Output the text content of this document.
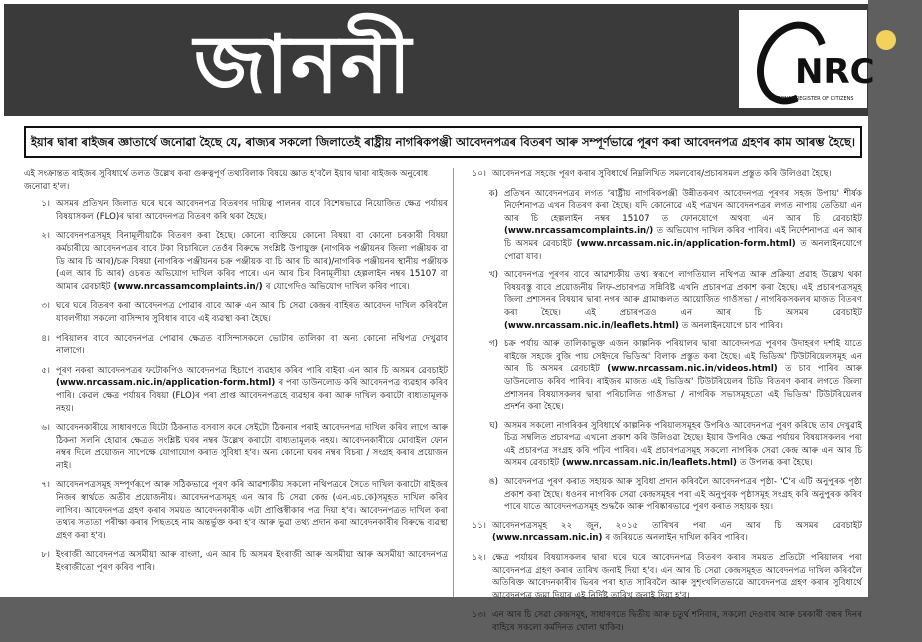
জাননী	NRC
NATIONAL REGISTER OF CITIZENS
ইয়াৰ দ্বাৰা ৰাইজৰ জ্ঞাতাৰ্থে জনোৱা হৈছে যে, ৰাজ্যৰ সকলো জিলাতেই ৰাষ্ট্ৰীয় নাগৰিকপঞ্জী আবেদনপত্ৰৰ বিতৰণ আৰু সম্পূৰ্ণভাৱে পূৰণ কৰা আবেদনপত্ৰ গ্ৰহণৰ কাম আৰম্ভ হৈছে।
এই সংক্ৰান্তত ৰাইজৰ সুবিধাৰ্থে তলত উল্লেখ কৰা গুৰুত্বপূৰ্ণ তথ্যবিলাক বিষয়ে জ্ঞাত হ'বলৈ ইয়াৰ দ্বাৰা ৰাইজক অনুৰোধ জনোৱা হ'ল।
১। অসমৰ প্ৰতিখন জিলাত ঘৰে ঘৰে আবেদনপত্ৰ বিতৰণৰ দায়িত্ব পালনৰ বাবে বিশেষভাৱে নিয়োজিত ক্ষেত্ৰ পৰ্যায়ৰ বিষয়াসকল (FLO)ৰ দ্বাৰা আবেদনপত্ৰ বিতৰণ কৰি থকা হৈছে।
২। আবেদনপত্ৰসমূহ বিনামূলীয়াকৈ বিতৰণ কৰা হৈছে। কোনো ব্যক্তিয়ে কোনো বিষয়া বা কোনো চৰকাৰী বিষয়া কৰ্মচাৰীয়ে আবেদনপত্ৰৰ বাবে টকা বিচাৰিলে তেওঁৰ বিৰুদ্ধে সংশ্লিষ্ট উপায়ুক্ত (নাগৰিক পঞ্জীয়নৰ জিলা পঞ্জীয়ক বা ডি আৰ চি আৰ)/চক্ৰ বিষয়া (নাগৰিক পঞ্জীয়নৰ চক্ৰ পঞ্জীয়ক বা চি আৰ চি আৰ)/নাগৰিক পঞ্জীয়নৰ স্থানীয় পঞ্জীয়ক (এল আৰ চি আৰ) ওচৰত অভিযোগ দাখিল কৰিব পাৰে। এন আৰ চিৰ বিনামূলীয়া হেল্পলাইন নম্বৰ 15107 বা আমাৰ ৱেবচাইট (www.nrcassamcomplaints.in/) ৰ যোগেদিও অভিযোগ দাখিল কৰিব পাৰে।
৩। ঘৰে ঘৰে বিতৰণ কৰা আবেদনপত্ৰ পোৱাৰ বাবে আৰু এন আৰ চি সেৱা কেন্দ্ৰৰ বাহিৰত আবেদন দাখিল কৰিবলৈ যাবলগীয়া সকলো বাসিন্দাৰ সুবিধাৰ বাবে এই ব্যৱস্থা কৰা হৈছে।
৪। পৰিয়ালৰ বাবে আবেদনপত্ৰ পোৱাৰ ক্ষেত্ৰত বাসিন্দাসকলে ভোটাৰ তালিকা বা অন্য কোনো নথিপত্ৰ দেখুৱাব নালাগে।
৫। পূৰণ নকৰা আবেদনপত্ৰৰ ফটোকপিও আবেদনপত্ৰ হিচাপে ব্যৱহাৰ কৰিব পাৰি বাইবা এন আৰ চি অসমৰ ৱেবচাইট (www.nrcassam.nic.in/application-form.html) ৰ পৰা ডাউনলোড কৰি আবেদনপত্ৰ ব্যৱহাৰ কৰিব পাৰি। কেৱল ক্ষেত্ৰ পৰ্যায়ৰ বিষয়া (FLO)ৰ পৰা প্ৰাপ্ত আবেদনপত্ৰহে ব্যৱহাৰ কৰা আৰু দাখিল কৰাটো বাধ্যতামূলক নহয়।
৬। আবেদনকাৰীয়ে সাধাৰণতে যিটো ঠিকনাত বসবাস কৰে সেইটো ঠিকনাৰ পৰাই আবেদনপত্ৰ দাখিল কৰিব লাগে আৰু ঠিকনা সলনি হোৱাৰ ক্ষেত্ৰত সংশ্লিষ্ট ঘৰৰ নম্বৰ উল্লেখ কৰাটো বাধ্যতামূলক নহয়। আবেদনকাৰীয়ে মোবাইল ফোন নম্বৰ দিলে প্ৰয়োজন সাপেক্ষে যোগাযোগ কৰাত সুবিধা হ'ব। অন্য কোনো ঘৰৰ নম্বৰ বিচৰা / সংগ্ৰহ কৰাৰ প্ৰয়োজন নাই।
৭। আবেদনপত্ৰসমূহ সম্পূৰ্ণৰূপে আৰু সঠিকভাৱে পূৰণ কৰি আৱশ্যকীয় সকলো নথিপত্ৰৰে সৈতে দাখিল কৰাটো ৰাইজৰ নিজৰ স্বাৰ্থতে অতীব প্ৰয়োজনীয়। আবেদনপত্ৰসমূহ এন আৰ চি সেৱা কেন্দ্ৰ (এন.এচ.কে)সমূহত দাখিল কৰিব লাগিব। আবেদনপত্ৰ গ্ৰহণ কৰাৰ সময়ত আবেদনকাৰীক এটা প্ৰাপ্তিস্বীকাৰ পত্ৰ দিয়া হ'ব। আবেদনপত্ৰত দাখিল কৰা তথ্যৰ সত্যতা পৰীক্ষা কৰাৰ পিছতহে নাম অন্তৰ্ভুক্ত কৰা হ'ব আৰু ভুৱা তথ্য প্ৰদান কৰা আবেদনকাৰীৰ বিৰুদ্ধে ব্যৱস্থা গ্ৰহণ কৰা হ'ব।
৮। ইংৰাজী আবেদনপত্ৰ অসমীয়া আৰু বাংলা, এন আৰ চি অসমৰ ইংৰাজী আৰু অসমীয়া আৰু অসমীয়া আবেদনপত্ৰ ইংৰাজীতো পূৰণ কৰিব পাৰি।
১০। আবেদনপত্ৰ সহজে পূৰণ কৰাৰ সুবিধাৰ্থে নিম্নলিখিত সমলবোৰ/প্ৰচাৰসমল প্ৰস্তুত কৰি উলিওৱা হৈছে।
ক) প্ৰতিখন আবেদনপত্ৰৰ লগত 'ৰাষ্ট্ৰীয় নাগৰিকপঞ্জী উন্নীতকৰণ আবেদনপত্ৰ পূৰণৰ সহজ উপায়' শীৰ্ষক নিৰ্দেশনাপত্ৰ এখন বিতৰণ কৰা হৈছে। যদি কোনোৱে এই পত্ৰখন আবেদনপত্ৰৰ লগত নাপায় তেতিয়া এন আৰ চি হেল্পলাইন নম্বৰ 15107 ত ফোনযোগে অথবা এন আৰ চি ৱেবচাইট (www.nrcassamcomplaints.in/) ত অভিযোগ দাখিল কৰিব পাৰিব। এই নিৰ্দেশনাপত্ৰ এন আৰ চি অসমৰ ৱেবচাইট (www.nrcassam.nic.in/application-form.html) ত অনলাইনযোগে পোৱা যাব।
খ) আবেদনপত্ৰ পূৰণৰ বাবে আৱশ্যকীয় তথ্য স্বৰূপে লাগতিয়াল নথিপত্ৰ আৰু প্ৰক্ৰিয়া প্ৰৱাহ উল্লেখ থকা বিষয়বস্তু বাবে প্ৰয়োজনীয় লিফ-প্ৰচাৰপত্ৰ সন্নিবিষ্ট এখনি প্ৰচাৰপত্ৰ প্ৰকাশ কৰা হৈছে। এই প্ৰচাৰপত্ৰসমূহ জিলা প্ৰশাসনৰ বিষয়াৰ দ্বাৰা নগৰ আৰু গ্ৰামাঞ্চলত আয়োজিত গাওঁসভা / নাগৰিকসকলৰ মাজত বিতৰণ কৰা হৈছে। এই প্ৰচাৰপত্ৰও এন আৰ চি অসমৰ ৱেবচাইট (www.nrcassam.nic.in/leaflets.html) ত অনলাইনযোগে চাব পাৰিব।
গ) চক্ৰ পৰ্যায় আৰু তালিকাভুক্ত এজন কাল্পনিক পৰিয়ালৰ দ্বাৰা আবেদনপত্ৰ পূৰণৰ উদাহৰণ দৰ্শাই যাতে ৰাইজে সহজে বুজি পায় সেইদৰে ভিডিঅ' বিলাক প্ৰস্তুত কৰা হৈছে। এই ভিডিঅ' টিউটৰিয়েলসমূহ এন আৰ চি অসমৰ ৱেবচাইট (www.nrcassam.nic.in/videos.html) ত চাব পাৰিব আৰু ডাউনলোড কৰিব পাৰিব। ৰাইজৰ মাজত এই ভিডিঅ' টিউটৰিয়েলৰ চিডি বিতৰণ কৰাৰ লগতে জিলা প্ৰশাসনৰ বিষয়াসকলৰ দ্বাৰা পৰিচালিত গাওঁসভা / নাগৰিক সভাসমূহতো এই ভিডিঅ' টিউটৰিয়েলৰ প্ৰদৰ্শন কৰা হৈছে।
ঘ) অসমৰ সকলো নাগৰিকৰ সুবিধাৰ্থে কাল্পনিক পৰিয়ালসমূহৰ উপৰিও আবেদনপত্ৰ পূৰণ কৰিছে তাৰ দেখুৱাই চিত্ৰ সম্বলিত প্ৰচাৰপত্ৰ এখনো প্ৰকাশ কৰি উলিওৱা হৈছে। ইয়াৰ উপৰিও ক্ষেত্ৰ পৰ্যায়ৰ বিষয়াসকলৰ পৰা এই প্ৰচাৰপত্ৰ সংগ্ৰহ কৰি পঢ়িব পাৰিব। এই প্ৰচাৰপত্ৰসমূহ সকলো নাগৰিক সেৱা কেন্দ্ৰ আৰু এন আৰ চি অসমৰ ৱেবচাইট (www.nrcassam.nic.in/leaflets.html) ত উপলব্ধ কৰা হৈছে।
ঙ) আবেদনপত্ৰ পূৰণ কৰাত সহায়ক আৰু সুবিধা প্ৰদান কৰিবলৈ আবেদনপত্ৰৰ পৃষ্ঠা- 'C'ৰ এটি অনুপুৰক পৃষ্ঠা প্ৰকাশ কৰা হৈছে। ধওনৰ নাগৰিক সেৱা কেন্দ্ৰসমূহৰ পৰা এই অনুপুৰক পৃষ্ঠাসমূহ সংগ্ৰহ কৰি অনুপুৰক কৰিব পাৰে যাতে আবেদনপত্ৰসমূহ শুদ্ধকৈ আৰু পৰিষ্কাৰভাৱে পূৰণ কৰাত সহায়ক হয়।
১১। আবেদনপত্ৰসমূহ ২২ জুন, ২০১৫ তাৰিখৰ পৰা এন আৰ চি অসমৰ ৱেবচাইট (www.nrcassam.nic.in) ৰ জৰিয়তে অনলাইন দাখিল কৰিব পাৰিব।
১২। ক্ষেত্ৰ পৰ্যায়ৰ বিষয়াসকলৰ দ্বাৰা ঘৰে ঘৰে আবেদনপত্ৰ বিতৰণ কৰাৰ সময়ত প্ৰতিটো পৰিয়ালৰ পৰা আবেদনপত্ৰ গ্ৰহণ কৰাৰ তাৰিখ জনাই দিয়া হ'ব। এন আৰ চি সেৱা কেন্দ্ৰসমূহত আবেদনপত্ৰ দাখিল কৰিবলৈ অতিৰিক্ত আবেদনকাৰীৰ ভিৰৰ পৰা হাত সাৰিবলৈ আৰু সুশৃংখলিতভাৱে আবেদনপত্ৰ গ্ৰহণ কৰাৰ সুবিধাৰ্থে আবেদনপত্ৰ জমা দিয়াৰ এই নিৰ্দিষ্ট তাৰিখ জনাই দিয়া হ'ব।
১৩। এন আৰ চি সেৱা কেন্দ্ৰসমূহ, সাধাৰণতে দ্বিতীয় আৰু চতুৰ্থ শনিবাৰ, সকলো দেওবাৰ আৰু চৰকাৰী বন্ধৰ দিনৰ বাহিৰে সকলো কৰ্মদিনত খোলা থাকিব।
